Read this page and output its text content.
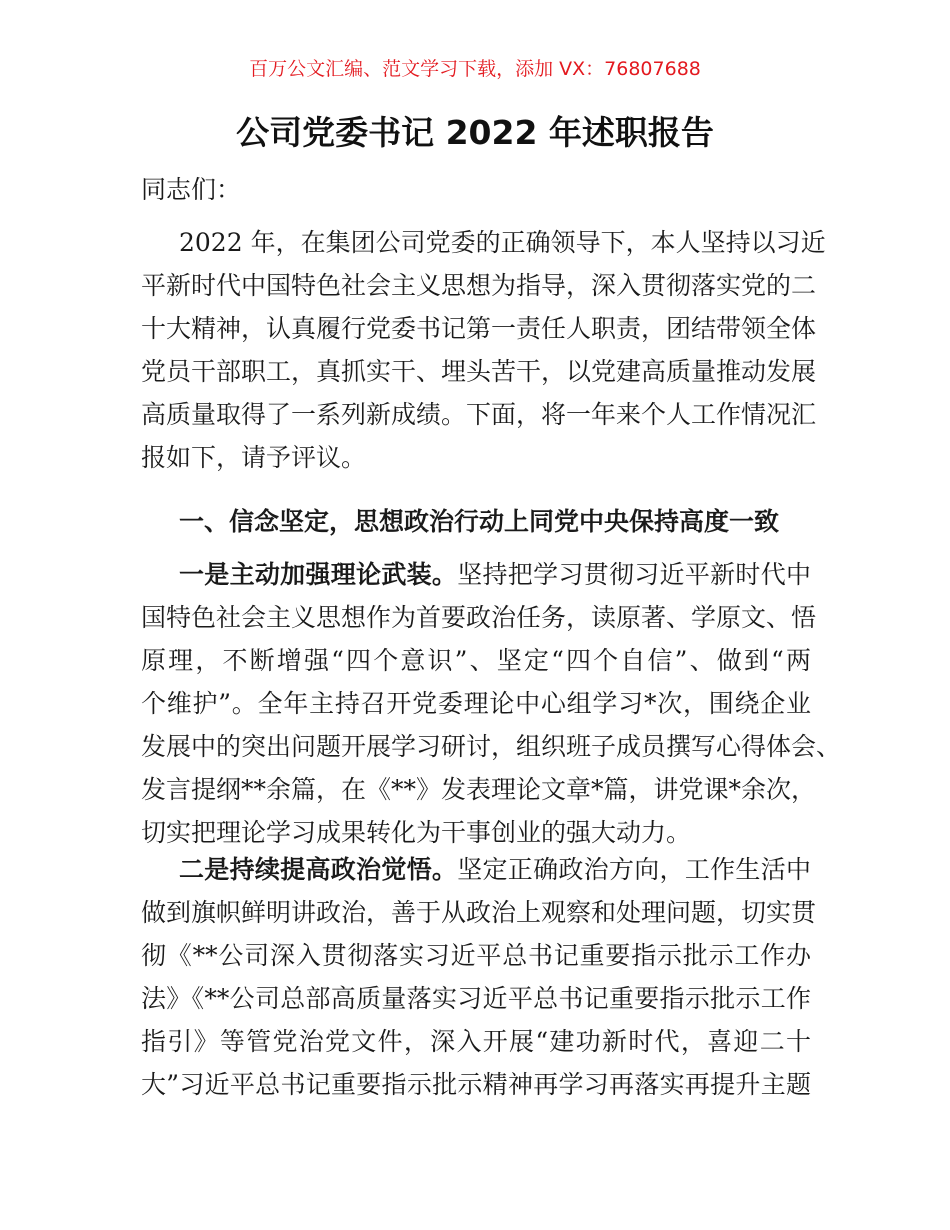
百万公文汇编、范文学习下载，添加 VX：76807688
公司党委书记 2022 年述职报告
同志们：
2022 年，在集团公司党委的正确领导下，本人坚持以习近
平新时代中国特色社会主义思想为指导，深入贯彻落实党的二
十大精神，认真履行党委书记第一责任人职责，团结带领全体
党员干部职工，真抓实干、埋头苦干，以党建高质量推动发展
高质量取得了一系列新成绩。下面，将一年来个人工作情况汇
报如下，请予评议。
一、信念坚定，思想政治行动上同党中央保持高度一致
一是主动加强理论武装。坚持把学习贯彻习近平新时代中
国特色社会主义思想作为首要政治任务，读原著、学原文、悟
原理，不断增强“四个意识”、坚定“四个自信”、做到“两
个维护”。全年主持召开党委理论中心组学习*次，围绕企业
发展中的突出问题开展学习研讨，组织班子成员撰写心得体会、
发言提纲**余篇，在《**》发表理论文章*篇，讲党课*余次，
切实把理论学习成果转化为干事创业的强大动力。
二是持续提高政治觉悟。坚定正确政治方向，工作生活中
做到旗帜鲜明讲政治，善于从政治上观察和处理问题，切实贯
彻《**公司深入贯彻落实习近平总书记重要指示批示工作办
法》《**公司总部高质量落实习近平总书记重要指示批示工作
指引》等管党治党文件，深入开展“建功新时代，喜迎二十
大”习近平总书记重要指示批示精神再学习再落实再提升主题
